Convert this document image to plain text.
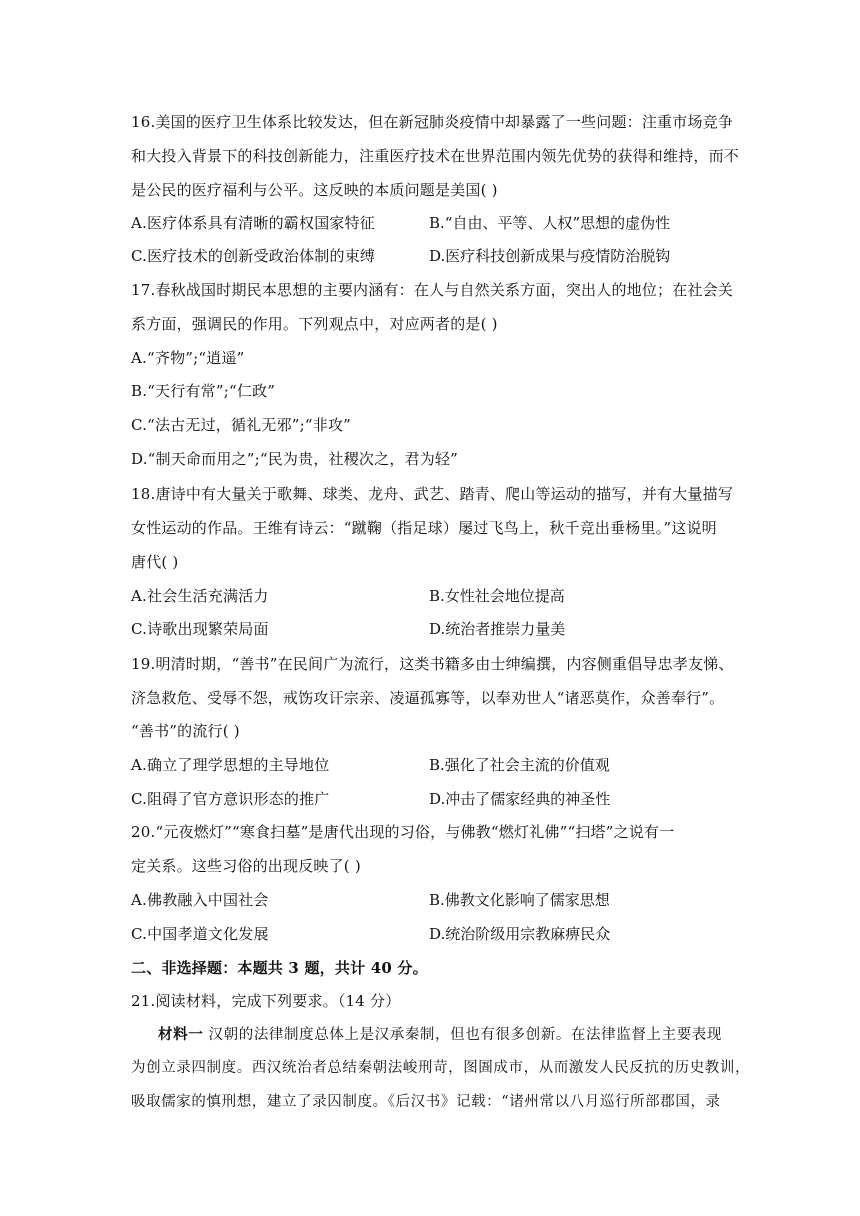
16.美国的医疗卫生体系比较发达，但在新冠肺炎疫情中却暴露了一些问题：注重市场竞争
和大投入背景下的科技创新能力，注重医疗技术在世界范围内领先优势的获得和维持，而不
是公民的医疗福利与公平。这反映的本质问题是美国( )
A.医疗体系具有清晰的霸权国家特征	B.“自由、平等、人权”思想的虚伪性
C.医疗技术的创新受政治体制的束缚	D.医疗科技创新成果与疫情防治脱钩
17.春秋战国时期民本思想的主要内涵有：在人与自然关系方面，突出人的地位；在社会关
系方面，强调民的作用。下列观点中，对应两者的是( )
A.“齐物”;“逍遥”
B.“天行有常”;“仁政”
C.“法古无过，循礼无邪”;“非攻”
D.“制天命而用之”;“民为贵，社稷次之，君为轻”
18.唐诗中有大量关于歌舞、球类、龙舟、武艺、踏青、爬山等运动的描写，并有大量描写
女性运动的作品。王维有诗云：“蹴鞠（指足球）屡过飞鸟上，秋千竞出垂杨里。”这说明
唐代( )
A.社会生活充满活力	B.女性社会地位提高
C.诗歌出现繁荣局面	D.统治者推崇力量美
19.明清时期，“善书”在民间广为流行，这类书籍多由士绅编撰，内容侧重倡导忠孝友悌、
济急救危、受辱不怨，戒饬攻讦宗亲、凌逼孤寡等，以奉劝世人“诸恶莫作，众善奉行”。
“善书”的流行( )
A.确立了理学思想的主导地位	B.强化了社会主流的价值观
C.阻碍了官方意识形态的推广	D.冲击了儒家经典的神圣性
20.“元夜燃灯”“寒食扫墓”是唐代出现的习俗，与佛教“燃灯礼佛”“扫塔”之说有一
定关系。这些习俗的出现反映了( )
A.佛教融入中国社会	B.佛教文化影响了儒家思想
C.中国孝道文化发展	D.统治阶级用宗教麻痹民众
二、非选择题：本题共 3 题，共计 40 分。
21.阅读材料，完成下列要求。（14 分）
材料一 汉朝的法律制度总体上是汉承秦制，但也有很多创新。在法律监督上主要表现
为创立录四制度。西汉统治者总结秦朝法峻刑苛，图圄成市，从而激发人民反抗的历史教训，
吸取儒家的慎刑想，建立了录囚制度。《后汉书》记载：“诸州常以八月巡行所部郡国，录
